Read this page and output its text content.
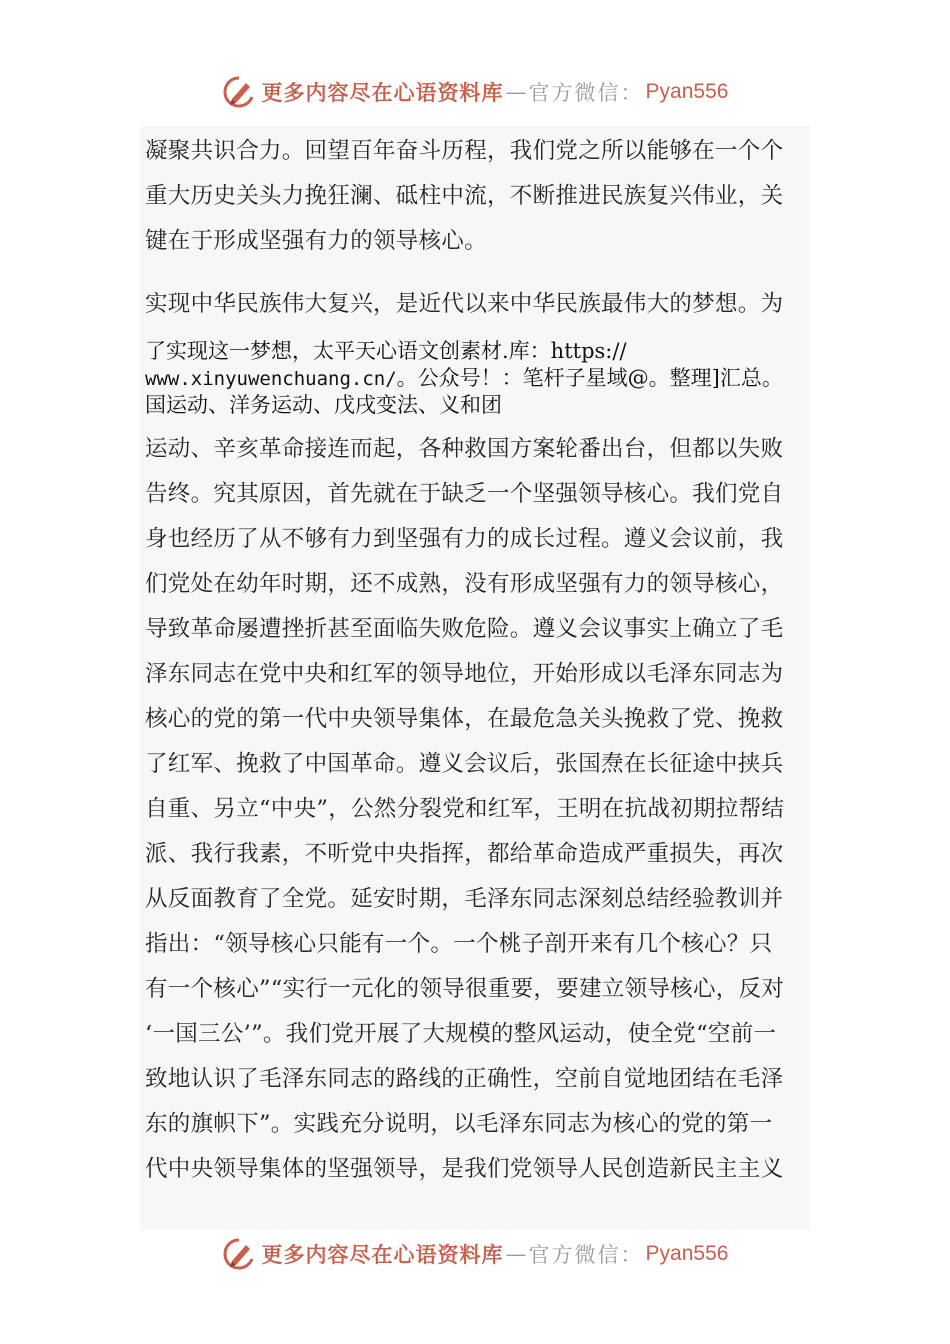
更多内容尽在心语资料库 — 官方微信： Pyan556
凝聚共识合力。回望百年奋斗历程，我们党之所以能够在一个个
重大历史关头力挽狂澜、砥柱中流，不断推进民族复兴伟业，关
键在于形成坚强有力的领导核心。
实现中华民族伟大复兴，是近代以来中华民族最伟大的梦想。为
了实现这一梦想，太平天心语文创素材.库：https://
www.xinyuwenchuang.cn/。公众号！：笔杆子星域@。整理]汇总。
国运动、洋务运动、戊戌变法、义和团
运动、辛亥革命接连而起，各种救国方案轮番出台，但都以失败
告终。究其原因，首先就在于缺乏一个坚强领导核心。我们党自
身也经历了从不够有力到坚强有力的成长过程。遵义会议前，我
们党处在幼年时期，还不成熟，没有形成坚强有力的领导核心，
导致革命屡遭挫折甚至面临失败危险。遵义会议事实上确立了毛
泽东同志在党中央和红军的领导地位，开始形成以毛泽东同志为
核心的党的第一代中央领导集体，在最危急关头挽救了党、挽救
了红军、挽救了中国革命。遵义会议后，张国焘在长征途中挟兵
自重、另立“中央”，公然分裂党和红军，王明在抗战初期拉帮结
派、我行我素，不听党中央指挥，都给革命造成严重损失，再次
从反面教育了全党。延安时期，毛泽东同志深刻总结经验教训并
指出：“领导核心只能有一个。一个桃子剖开来有几个核心？只
有一个核心”“实行一元化的领导很重要，要建立领导核心，反对
‘一国三公’”。我们党开展了大规模的整风运动，使全党“空前一
致地认识了毛泽东同志的路线的正确性，空前自觉地团结在毛泽
东的旗帜下”。实践充分说明，以毛泽东同志为核心的党的第一
代中央领导集体的坚强领导，是我们党领导人民创造新民主主义
更多内容尽在心语资料库 — 官方微信： Pyan556
